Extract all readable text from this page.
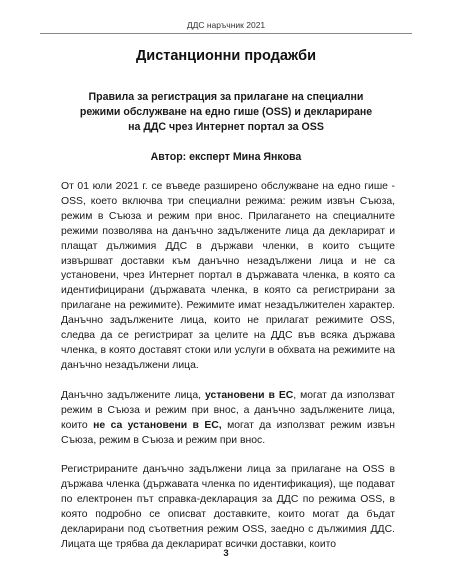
ДДС наръчник 2021
Дистанционни продажби
Правила за регистрация за прилагане на специални
режими обслужване на едно гише (OSS) и деклариране
на ДДС чрез Интернет портал за OSS
Автор: експерт Мина Янкова

От 01 юли 2021 г. се въведе разширено обслужване на едно гише - OSS, което включва три специални режима: режим извън Съюза, режим в Съюза и режим при внос. Прилагането на специалните режими позволява на данъчно задължените лица да декларират и плащат дължимия ДДС в държави членки, в които същите извършват доставки към данъчно незадължени лица и не са установени, чрез Интернет портал в държавата членка, в която са идентифицирани (държавата членка, в която са регистрирани за прилагане на режимите). Режимите имат незадължителен характер. Данъчно задължените лица, които не прилагат режимите OSS, следва да се регистрират за целите на ДДС във всяка държава членка, в която доставят стоки или услуги в обхвата на режимите на данъчно незадължени лица.

Данъчно задължените лица, установени в ЕС, могат да използват режим в Съюза и режим при внос, а данъчно задължените лица, които не са установени в ЕС, могат да използват режим извън Съюза, режим в Съюза и режим при внос.

Регистрираните данъчно задължени лица за прилагане на OSS в държава членка (държавата членка по идентификация), ще подават по електронен път справка-декларация за ДДС по режима OSS, в която подробно се описват доставките, които могат да бъдат декларирани под съответния режим OSS, заедно с дължимия ДДС. Лицата ще трябва да декларират всички доставки, които

3
